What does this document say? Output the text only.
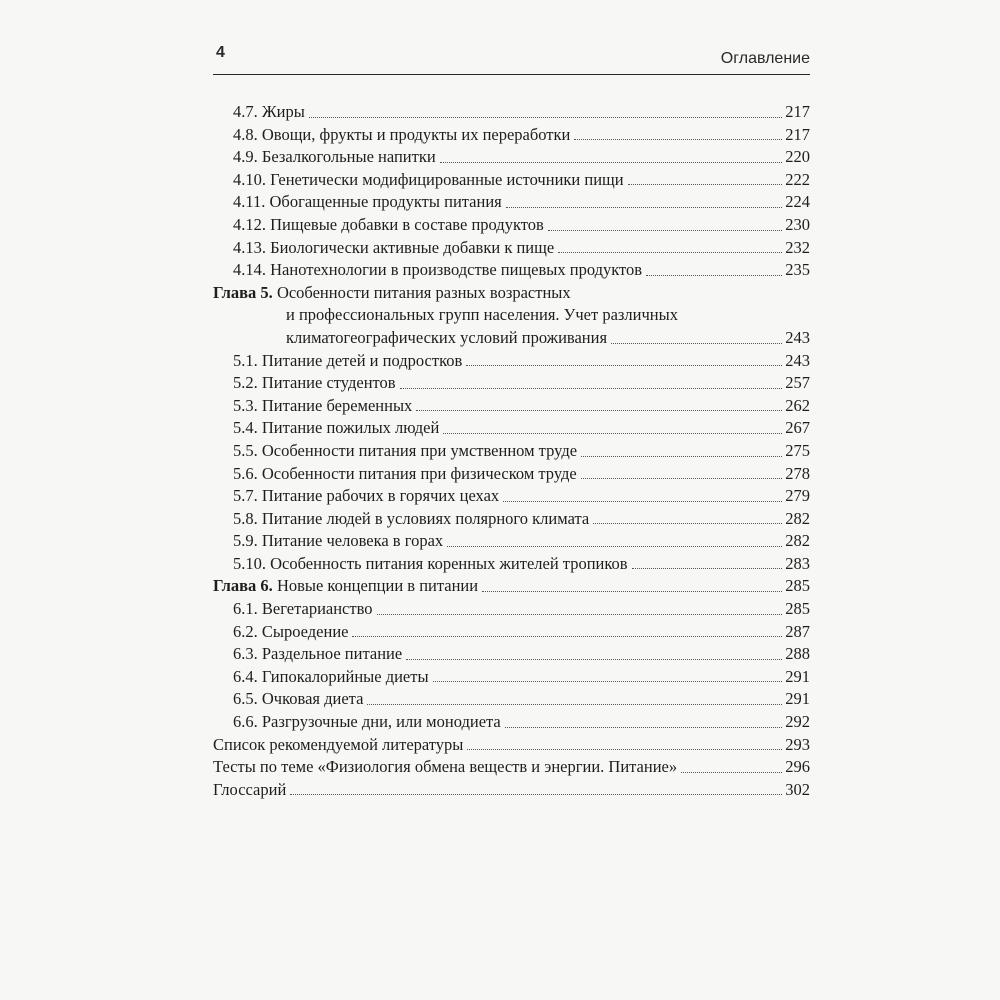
4	Оглавление
4.7. Жиры	217
4.8. Овощи, фрукты и продукты их переработки	217
4.9. Безалкогольные напитки	220
4.10. Генетически модифицированные источники пищи	222
4.11. Обогащенные продукты питания	224
4.12. Пищевые добавки в составе продуктов	230
4.13. Биологически активные добавки к пище	232
4.14. Нанотехнологии в производстве пищевых продуктов	235
Глава 5. Особенности питания разных возрастных
и профессиональных групп населения. Учет различных
климатогеографических условий проживания	243
5.1. Питание детей и подростков	243
5.2. Питание студентов	257
5.3. Питание беременных	262
5.4. Питание пожилых людей	267
5.5. Особенности питания при умственном труде	275
5.6. Особенности питания при физическом труде	278
5.7. Питание рабочих в горячих цехах	279
5.8. Питание людей в условиях полярного климата	282
5.9. Питание человека в горах	282
5.10. Особенность питания коренных жителей тропиков	283
Глава 6. Новые концепции в питании	285
6.1. Вегетарианство	285
6.2. Сыроедение	287
6.3. Раздельное питание	288
6.4. Гипокалорийные диеты	291
6.5. Очковая диета	291
6.6. Разгрузочные дни, или монодиета	292
Список рекомендуемой литературы	293
Тесты по теме «Физиология обмена веществ и энергии. Питание»	296
Глоссарий	302
